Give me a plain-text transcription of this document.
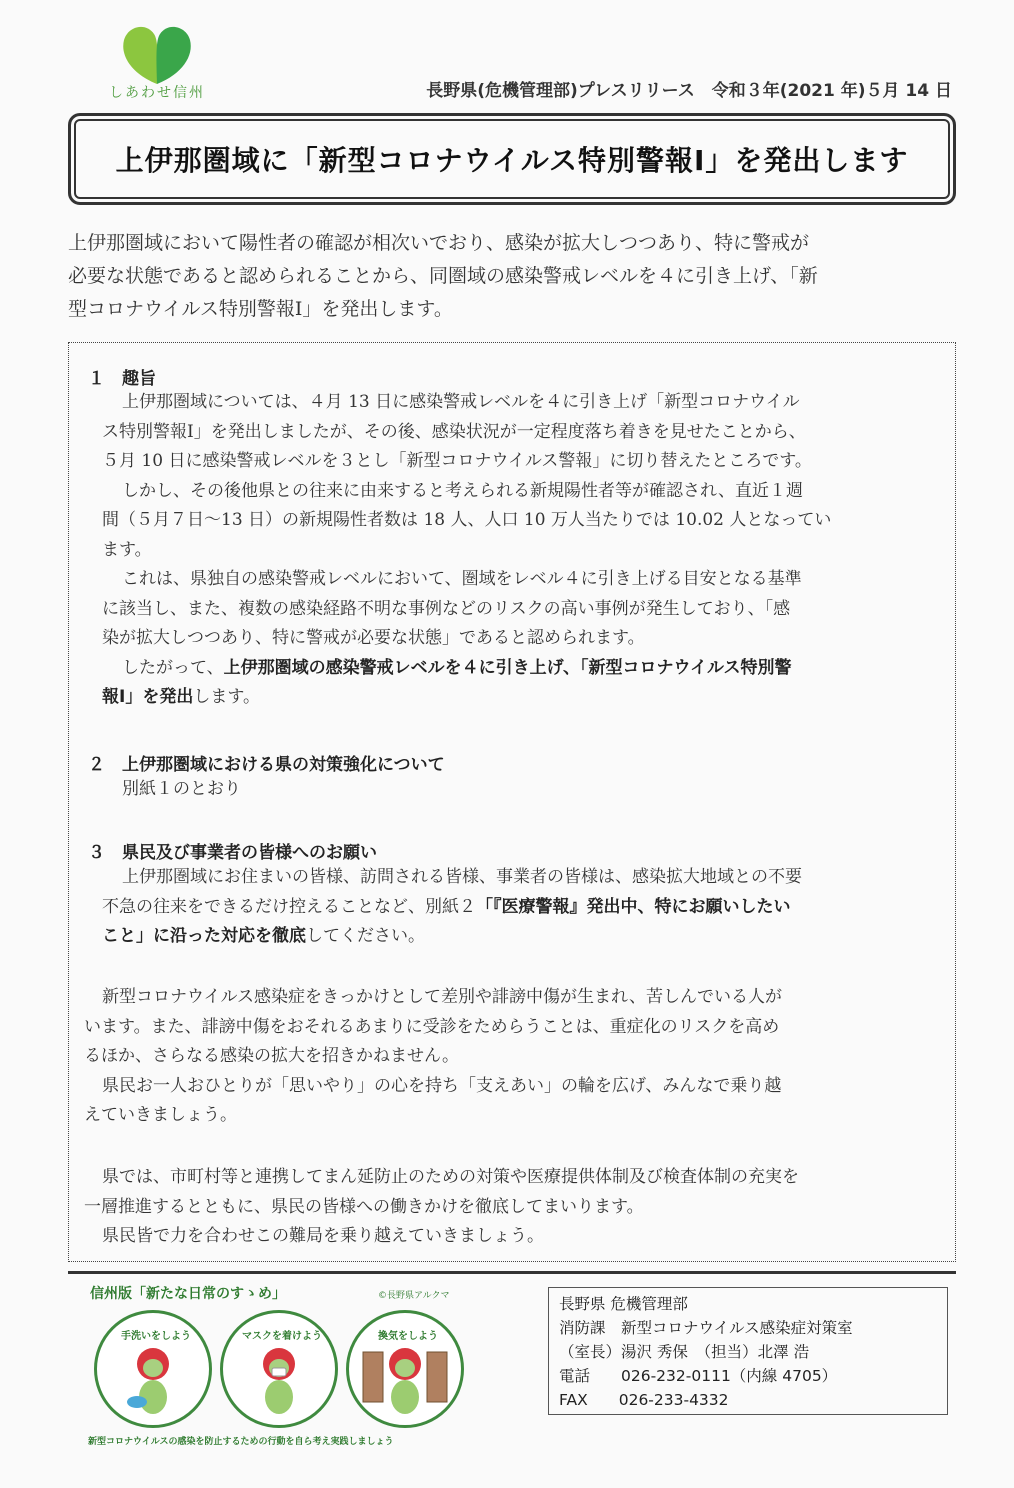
しあわせ信州	長野県(危機管理部)プレスリリース　令和３年(2021 年)５月 14 日
上伊那圏域に「新型コロナウイルス特別警報Ⅰ」を発出します

上伊那圏域において陽性者の確認が相次いでおり、感染が拡大しつつあり、特に警戒が

必要な状態であると認められることから、同圏域の感染警戒レベルを４に引き上げ、「新

型コロナウイルス特別警報Ⅰ」を発出します。

１　趣旨
上伊那圏域については、４月 13 日に感染警戒レベルを４に引き上げ「新型コロナウイル
ス特別警報Ⅰ」を発出しましたが、その後、感染状況が一定程度落ち着きを見せたことから、
５月 10 日に感染警戒レベルを３とし「新型コロナウイルス警報」に切り替えたところです。
しかし、その後他県との往来に由来すると考えられる新規陽性者等が確認され、直近１週
間（５月７日～13 日）の新規陽性者数は 18 人、人口 10 万人当たりでは 10.02 人となってい
ます。
これは、県独自の感染警戒レベルにおいて、圏域をレベル４に引き上げる目安となる基準
に該当し、また、複数の感染経路不明な事例などのリスクの高い事例が発生しており、「感
染が拡大しつつあり、特に警戒が必要な状態」であると認められます。
したがって、上伊那圏域の感染警戒レベルを４に引き上げ、「新型コロナウイルス特別警
報Ⅰ」を発出します。
２　上伊那圏域における県の対策強化について
別紙１のとおり
３　県民及び事業者の皆様へのお願い
上伊那圏域にお住まいの皆様、訪問される皆様、事業者の皆様は、感染拡大地域との不要
不急の往来をできるだけ控えることなど、別紙２「『医療警報』発出中、特にお願いしたい
こと」に沿った対応を徹底してください。
新型コロナウイルス感染症をきっかけとして差別や誹謗中傷が生まれ、苦しんでいる人が
います。また、誹謗中傷をおそれるあまりに受診をためらうことは、重症化のリスクを高め
るほか、さらなる感染の拡大を招きかねません。
県民お一人おひとりが「思いやり」の心を持ち「支えあい」の輪を広げ、みんなで乗り越
えていきましょう。
県では、市町村等と連携してまん延防止のための対策や医療提供体制及び検査体制の充実を
一層推進するとともに、県民の皆様への働きかけを徹底してまいります。
県民皆で力を合わせこの難局を乗り越えていきましょう。
信州版「新たな日常のすゝめ」	©長野県アルクマ
手洗いをしよう	マスクを着けよう	換気をしよう
新型コロナウイルスの感染を防止するための行動を自ら考え実践しましょう
長野県 危機管理部
消防課　新型コロナウイルス感染症対策室
（室長）湯沢 秀保　（担当）北澤 浩
電話　　026-232-0111（内線 4705）
FAX　　026-233-4332
